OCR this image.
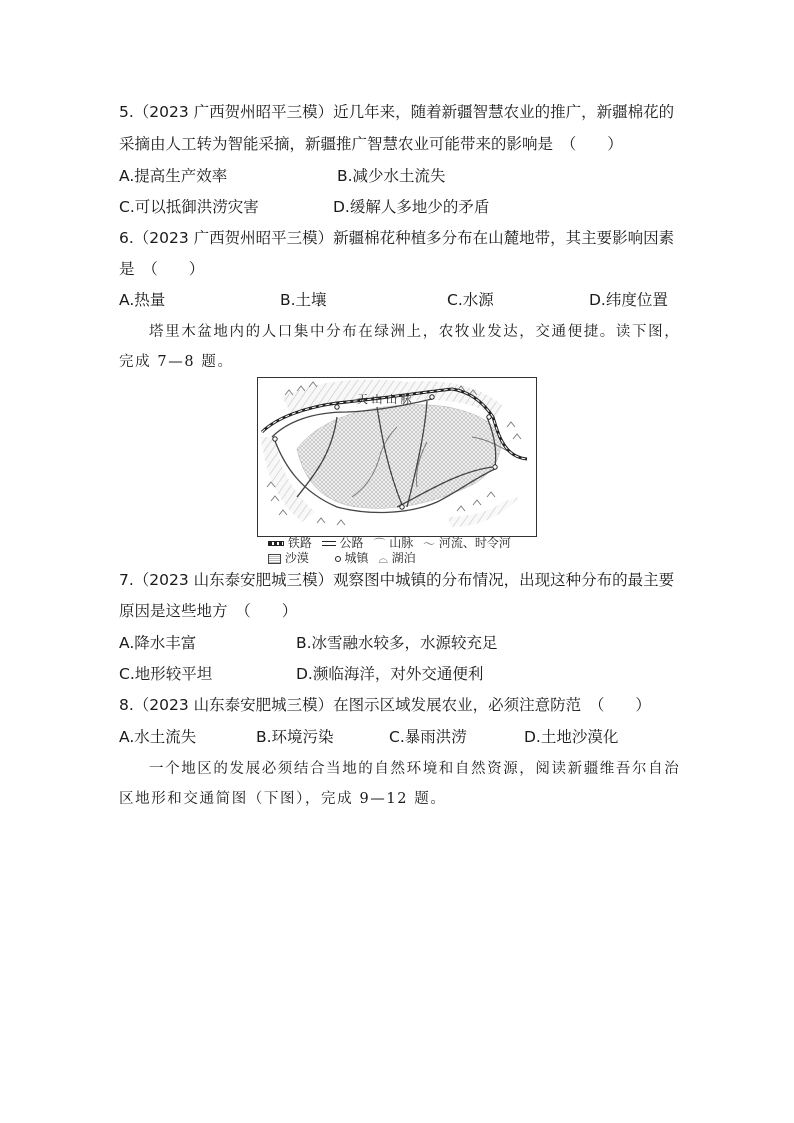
5.（2023 广西贺州昭平三模）近几年来，随着新疆智慧农业的推广，新疆棉花的
采摘由人工转为智能采摘，新疆推广智慧农业可能带来的影响是　（　　）
A.提高生产效率	B.减少水土流失
C.可以抵御洪涝灾害	D.缓解人多地少的矛盾
6.（2023 广西贺州昭平三模）新疆棉花种植多分布在山麓地带，其主要影响因素
是　（　　）
A.热量	B.土壤	C.水源	D.纬度位置
塔里木盆地内的人口集中分布在绿洲上，农牧业发达，交通便捷。读下图，
完成 7—8 题。
天 山 山 脉
铁路 公路 ⌒ 山脉 〜 河流、时令河
沙漠	城镇 ⌓ 湖泊
7.（2023 山东泰安肥城三模）观察图中城镇的分布情况，出现这种分布的最主要
原因是这些地方　（　　）
A.降水丰富	B.冰雪融水较多，水源较充足
C.地形较平坦	D.濒临海洋，对外交通便利
8.（2023 山东泰安肥城三模）在图示区域发展农业，必须注意防范　（　　）
A.水土流失	B.环境污染	C.暴雨洪涝	D.土地沙漠化
一个地区的发展必须结合当地的自然环境和自然资源，阅读新疆维吾尔自治
区地形和交通简图（下图），完成 9—12 题。
